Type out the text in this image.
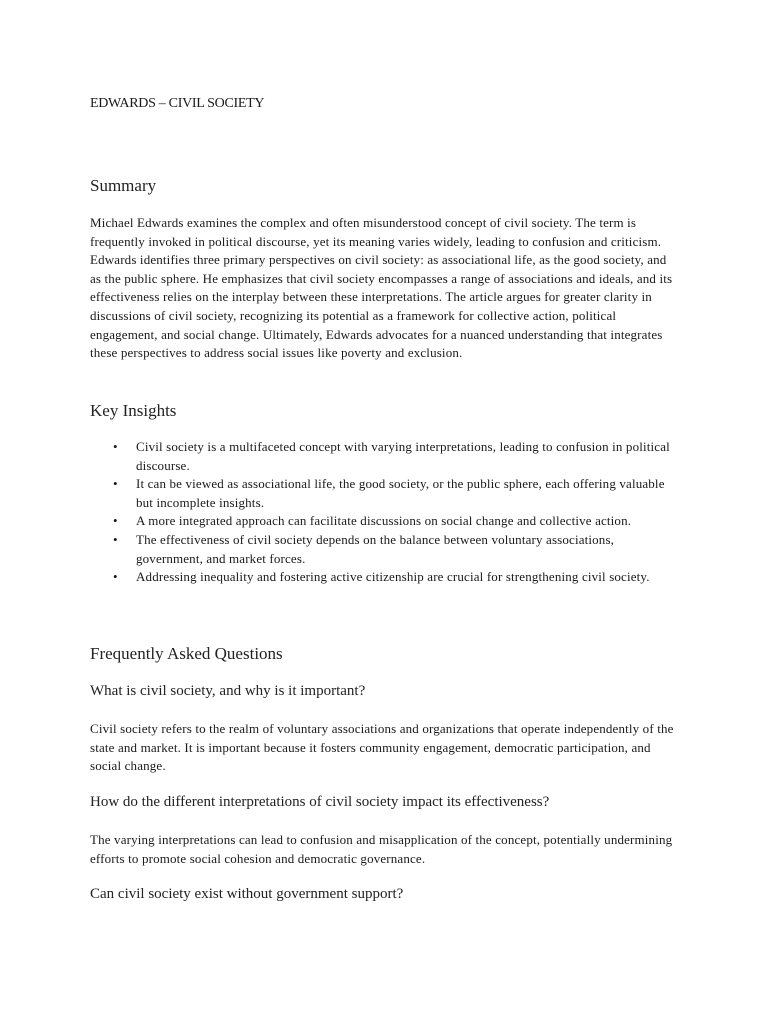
EDWARDS – CIVIL SOCIETY
Summary

Michael Edwards examines the complex and often misunderstood concept of civil society. The term is frequently invoked in political discourse, yet its meaning varies widely, leading to confusion and criticism. Edwards identifies three primary perspectives on civil society: as associational life, as the good society, and as the public sphere. He emphasizes that civil society encompasses a range of associations and ideals, and its effectiveness relies on the interplay between these interpretations. The article argues for greater clarity in discussions of civil society, recognizing its potential as a framework for collective action, political engagement, and social change. Ultimately, Edwards advocates for a nuanced understanding that integrates these perspectives to address social issues like poverty and exclusion.

Key Insights
• Civil society is a multifaceted concept with varying interpretations, leading to confusion in political discourse.
• It can be viewed as associational life, the good society, or the public sphere, each offering valuable but incomplete insights.
• A more integrated approach can facilitate discussions on social change and collective action.
• The effectiveness of civil society depends on the balance between voluntary associations, government, and market forces.
• Addressing inequality and fostering active citizenship are crucial for strengthening civil society.
Frequently Asked Questions
What is civil society, and why is it important?

Civil society refers to the realm of voluntary associations and organizations that operate independently of the state and market. It is important because it fosters community engagement, democratic participation, and social change.

How do the different interpretations of civil society impact its effectiveness?

The varying interpretations can lead to confusion and misapplication of the concept, potentially undermining efforts to promote social cohesion and democratic governance.

Can civil society exist without government support?
